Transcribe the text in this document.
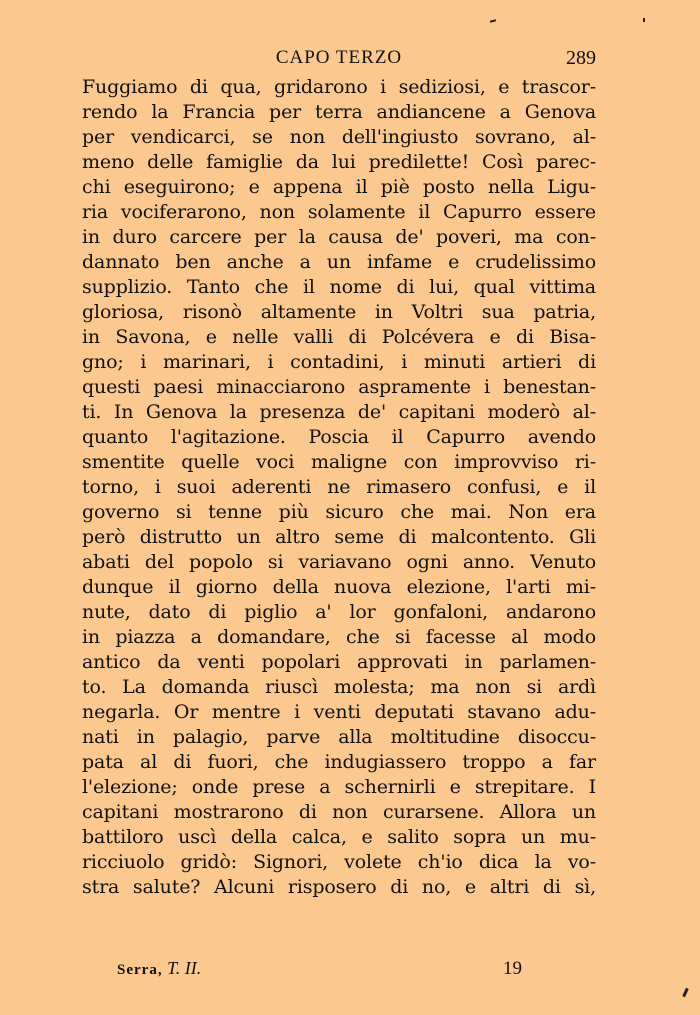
CAPO TERZO	289
Fuggiamo di qua, gridarono i sediziosi, e trascor-
rendo la Francia per terra andiancene a Genova
per vendicarci, se non dell'ingiusto sovrano, al-
meno delle famiglie da lui predilette! Così parec-
chi eseguirono; e appena il piè posto nella Ligu-
ria vociferarono, non solamente il Capurro essere
in duro carcere per la causa de' poveri, ma con-
dannato ben anche a un infame e crudelissimo
supplizio. Tanto che il nome di lui, qual vittima
gloriosa, risonò altamente in Voltri sua patria,
in Savona, e nelle valli di Polcévera e di Bisa-
gno; i marinari, i contadini, i minuti artieri di
questi paesi minacciarono aspramente i benestan-
ti. In Genova la presenza de' capitani moderò al-
quanto l'agitazione. Poscia il Capurro avendo
smentite quelle voci maligne con improvviso ri-
torno, i suoi aderenti ne rimasero confusi, e il
governo si tenne più sicuro che mai. Non era
però distrutto un altro seme di malcontento. Gli
abati del popolo si variavano ogni anno. Venuto
dunque il giorno della nuova elezione, l'arti mi-
nute, dato di piglio a' lor gonfaloni, andarono
in piazza a domandare, che si facesse al modo
antico da venti popolari approvati in parlamen-
to. La domanda riuscì molesta; ma non si ardì
negarla. Or mentre i venti deputati stavano adu-
nati in palagio, parve alla moltitudine disoccu-
pata al di fuori, che indugiassero troppo a far
l'elezione; onde prese a schernirli e strepitare. I
capitani mostrarono di non curarsene. Allora un
battiloro uscì della calca, e salito sopra un mu-
ricciuolo gridò: Signori, volete ch'io dica la vo-
stra salute? Alcuni risposero di no, e altri di sì,
Serra, T. II.	19
